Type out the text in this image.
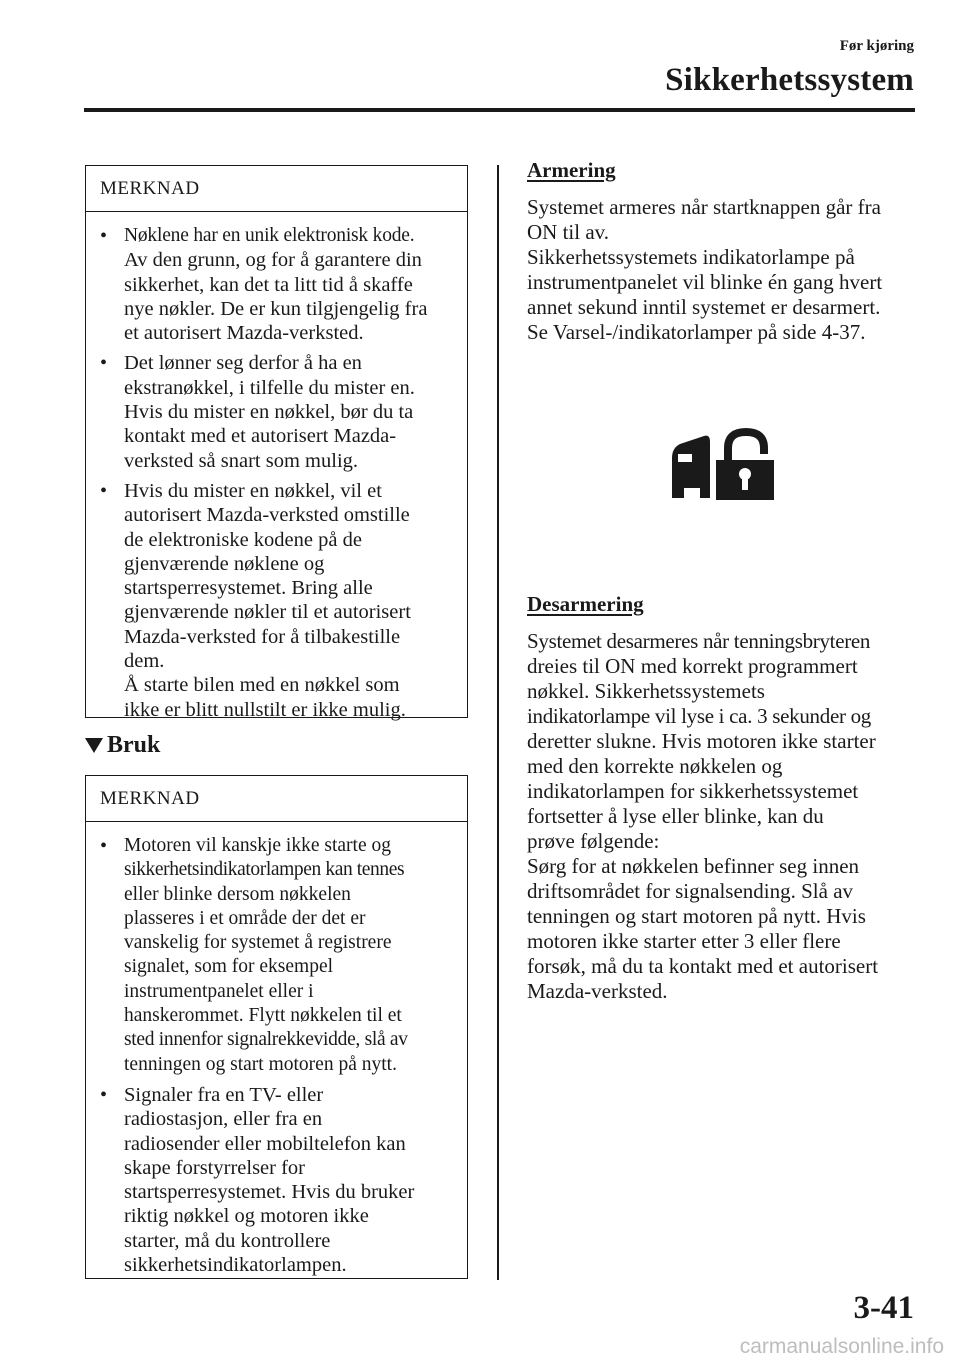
Før kjøring
Sikkerhetssystem
MERKNAD
• Nøklene har en unik elektronisk kode.
Av den grunn, og for å garantere din
sikkerhet, kan det ta litt tid å skaffe
nye nøkler. De er kun tilgjengelig fra
et autorisert Mazda-verksted.
• Det lønner seg derfor å ha en
ekstranøkkel, i tilfelle du mister en.
Hvis du mister en nøkkel, bør du ta
kontakt med et autorisert Mazda-
verksted så snart som mulig.
• Hvis du mister en nøkkel, vil et
autorisert Mazda-verksted omstille
de elektroniske kodene på de
gjenværende nøklene og
startsperresystemet. Bring alle
gjenværende nøkler til et autorisert
Mazda-verksted for å tilbakestille
dem.
Å starte bilen med en nøkkel som
ikke er blitt nullstilt er ikke mulig.
Bruk
MERKNAD
• Motoren vil kanskje ikke starte og
sikkerhetsindikatorlampen kan tennes
eller blinke dersom nøkkelen
plasseres i et område der det er
vanskelig for systemet å registrere
signalet, som for eksempel
instrumentpanelet eller i
hanskerommet. Flytt nøkkelen til et
sted innenfor signalrekkevidde, slå av
tenningen og start motoren på nytt.
• Signaler fra en TV- eller
radiostasjon, eller fra en
radiosender eller mobiltelefon kan
skape forstyrrelser for
startsperresystemet. Hvis du bruker
riktig nøkkel og motoren ikke
starter, må du kontrollere
sikkerhetsindikatorlampen.
Armering
Systemet armeres når startknappen går fra
ON til av.
Sikkerhetssystemets indikatorlampe på
instrumentpanelet vil blinke én gang hvert
annet sekund inntil systemet er desarmert.
Se Varsel-/indikatorlamper på side 4-37.
Desarmering
Systemet desarmeres når tenningsbryteren
dreies til ON med korrekt programmert
nøkkel. Sikkerhetssystemets
indikatorlampe vil lyse i ca. 3 sekunder og
deretter slukne. Hvis motoren ikke starter
med den korrekte nøkkelen og
indikatorlampen for sikkerhetssystemet
fortsetter å lyse eller blinke, kan du
prøve følgende:
Sørg for at nøkkelen befinner seg innen
driftsområdet for signalsending. Slå av
tenningen og start motoren på nytt. Hvis
motoren ikke starter etter 3 eller flere
forsøk, må du ta kontakt med et autorisert
Mazda-verksted.
3-41
carmanualsonline.info
